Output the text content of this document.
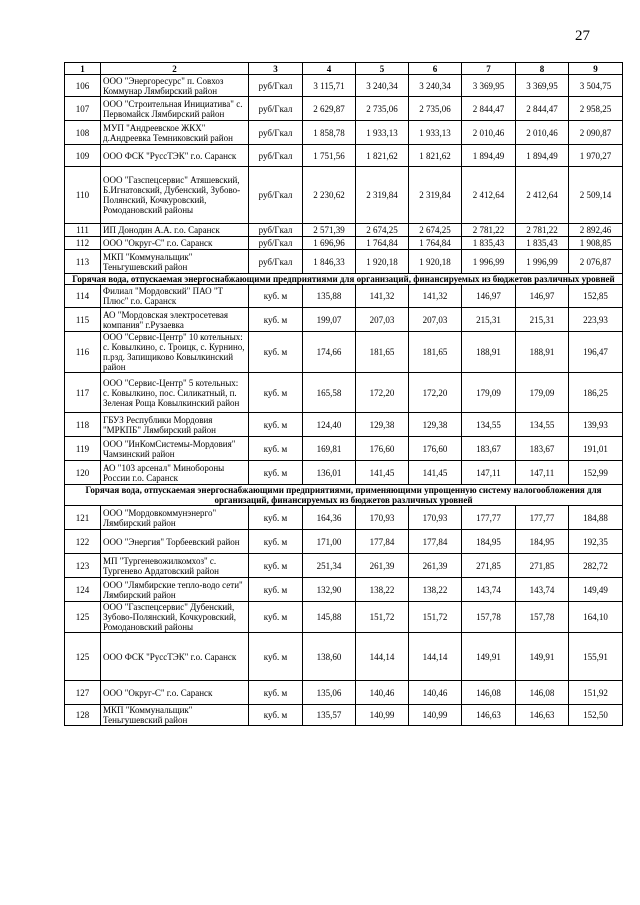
27
1	2	3	4	5	6	7	8	9
106	ООО "Энергоресурс" п. Совхоз Коммунар Лямбирский район	руб/Гкал	3 115,71	3 240,34	3 240,34	3 369,95	3 369,95	3 504,75
107	ООО "Строительная Инициатива" с. Первомайск Лямбирский район	руб/Гкал	2 629,87	2 735,06	2 735,06	2 844,47	2 844,47	2 958,25
108	МУП "Андреевское ЖКХ" д.Андреевка Темниковский район	руб/Гкал	1 858,78	1 933,13	1 933,13	2 010,46	2 010,46	2 090,87
109	ООО ФСК "РуссТЭК" г.о. Саранск	руб/Гкал	1 751,56	1 821,62	1 821,62	1 894,49	1 894,49	1 970,27
110	ООО "Газспецсервис" Атяшевский, Б.Игнатовский, Дубенский, Зубово-Полянский, Кочкуровский, Ромодановский районы	руб/Гкал	2 230,62	2 319,84	2 319,84	2 412,64	2 412,64	2 509,14
111	ИП Донодин А.А. г.о. Саранск	руб/Гкал	2 571,39	2 674,25	2 674,25	2 781,22	2 781,22	2 892,46
112	ООО "Округ-С" г.о. Саранск	руб/Гкал	1 696,96	1 764,84	1 764,84	1 835,43	1 835,43	1 908,85
113	МКП "Коммунальщик" Теньгушевский район	руб/Гкал	1 846,33	1 920,18	1 920,18	1 996,99	1 996,99	2 076,87
Горячая вода, отпускаемая энергоснабжающими предприятиями для организаций, финансируемых из бюджетов различных уровней								
114	Филиал "Мордовский" ПАО "Т Плюс" г.о. Саранск	куб. м	135,88	141,32	141,32	146,97	146,97	152,85
115	АО "Мордовская электросетевая компания" г.Рузаевка	куб. м	199,07	207,03	207,03	215,31	215,31	223,93
116	ООО "Сервис-Центр" 10 котельных: с. Ковылкино, с. Троицк, с. Курнино, п.рзд. Запищиково Ковылкинский район	куб. м	174,66	181,65	181,65	188,91	188,91	196,47
117	ООО "Сервис-Центр" 5 котельных: с. Ковылкино, пос. Силикатный, п. Зеленая Роща Ковылкинский район	куб. м	165,58	172,20	172,20	179,09	179,09	186,25
118	ГБУЗ Республики Мордовия "МРКПБ" Лямбирский район	куб. м	124,40	129,38	129,38	134,55	134,55	139,93
119	ООО "ИнКомСистемы-Мордовия" Чамзинский район	куб. м	169,81	176,60	176,60	183,67	183,67	191,01
120	АО "103 арсенал" Минобороны России г.о. Саранск	куб. м	136,01	141,45	141,45	147,11	147,11	152,99
Горячая вода, отпускаемая энергоснабжающими предприятиями, применяющими упрощенную систему налогообложения для организаций, финансируемых из бюджетов различных уровней								
121	ООО "Мордовкоммунэнерго" Лямбирский район	куб. м	164,36	170,93	170,93	177,77	177,77	184,88
122	ООО "Энергия" Торбеевский район	куб. м	171,00	177,84	177,84	184,95	184,95	192,35
123	МП "Тургеневожилкомхоз" с. Тургенево Ардатовский район	куб. м	251,34	261,39	261,39	271,85	271,85	282,72
124	ООО "Лямбирские тепло-водо сети" Лямбирский район	куб. м	132,90	138,22	138,22	143,74	143,74	149,49
125	ООО "Газспецсервис" Дубенский, Зубово-Полянский, Кочкуровский, Ромодановский районы	куб. м	145,88	151,72	151,72	157,78	157,78	164,10
125	ООО ФСК "РуссТЭК" г.о. Саранск	куб. м	138,60	144,14	144,14	149,91	149,91	155,91
127	ООО "Округ-С" г.о. Саранск	куб. м	135,06	140,46	140,46	146,08	146,08	151,92
128	МКП "Коммунальщик" Теньгушевский район	куб. м	135,57	140,99	140,99	146,63	146,63	152,50
